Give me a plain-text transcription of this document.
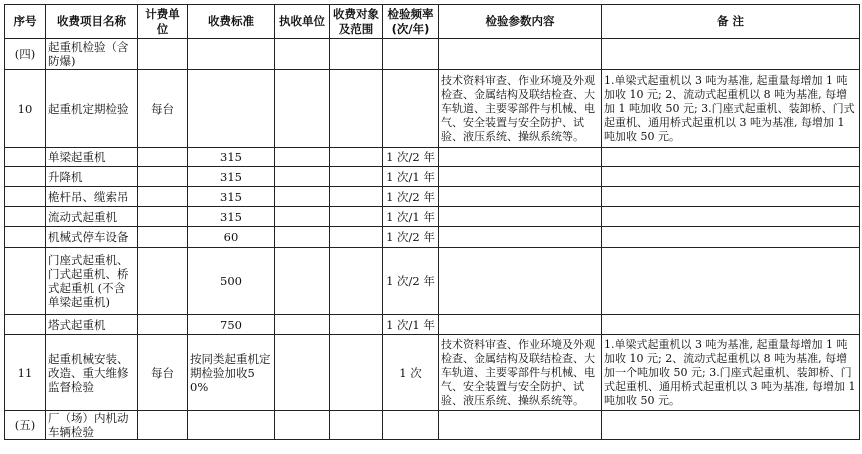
序号	收费项目名称	计费单位	收费标准	执收单位	收费对象及范围	检验频率(次/年)	检验参数内容	备 注
(四)	起重机检验（含防爆)							
10	起重机定期检验	每台					技术资料审查、作业环境及外观检查、金属结构及联结检查、大车轨道、主要零部件与机械、电气、安全装置与安全防护、试验、液压系统、操纵系统等。	1.单梁式起重机以 3 吨为基准, 起重量每增加 1 吨加收 10 元; 2、流动式起重机以 8 吨为基准, 每增加 1 吨加收 50 元; 3.门座式起重机、装卸桥、门式起重机、通用桥式起重机以 3 吨为基准, 每增加 1 吨加收 50 元。
	单梁起重机		315			1 次/2 年		
	升降机		315			1 次/1 年		
	桅杆吊、缆索吊		315			1 次/2 年		
	流动式起重机		315			1 次/1 年		
	机械式停车设备		60			1 次/2 年		
	门座式起重机、门式起重机、桥式起重机 (不含单梁起重机)		500			1 次/2 年		
	塔式起重机		750			1 次/1 年		
11	起重机械安装、改造、重大维修监督检验	每台	按同类起重机定期检验加收50%			1 次	技术资料审查、作业环境及外观检查、金属结构及联结检查、大车轨道、主要零部件与机械、电气、安全装置与安全防护、试验、液压系统、操纵系统等。	1.单梁式起重机以 3 吨为基准, 起重量每增加 1 吨加收 10 元; 2、流动式起重机以 8 吨为基准, 每增加一个吨加收 50 元; 3.门座式起重机、装卸桥、门式起重机、通用桥式起重机以 3 吨为基准, 每增加 1 吨加收 50 元。
(五)	厂（场）内机动车辆检验							
